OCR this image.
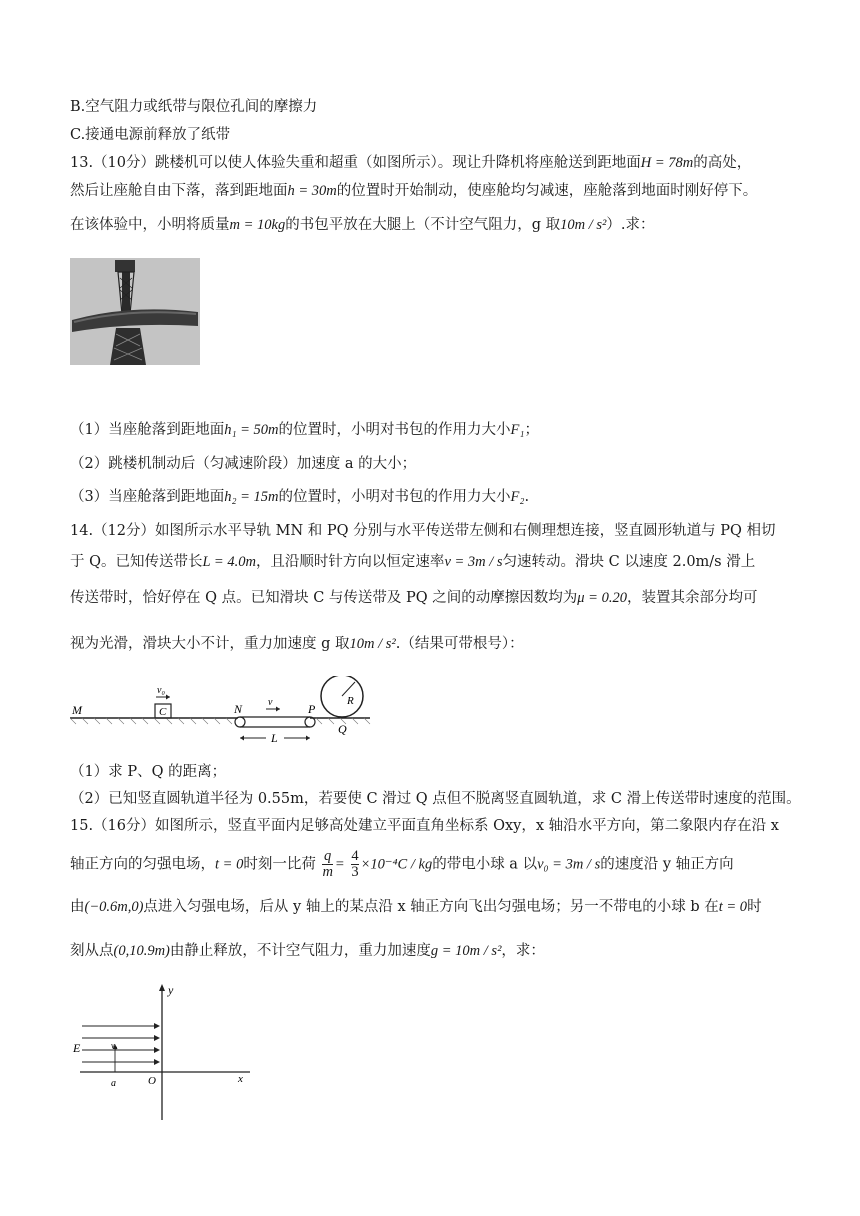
B.空气阻力或纸带与限位孔间的摩擦力
C.接通电源前释放了纸带
13.（10分）跳楼机可以使人体验失重和超重（如图所示）。现让升降机将座舱送到距地面H = 78m的高处，
然后让座舱自由下落，落到距地面h = 30m的位置时开始制动，使座舱均匀减速，座舱落到地面时刚好停下。
在该体验中，小明将质量m = 10kg的书包平放在大腿上（不计空气阻力，g 取10m / s²）.求：
（1）当座舱落到距地面h₁ = 50m的位置时，小明对书包的作用力大小F₁；
（2）跳楼机制动后（匀减速阶段）加速度 a 的大小；
（3）当座舱落到距地面h₂ = 15m的位置时，小明对书包的作用力大小F₂.
14.（12分）如图所示水平导轨 MN 和 PQ 分别与水平传送带左侧和右侧理想连接，竖直圆形轨道与 PQ 相切
于 Q。已知传送带长L = 4.0m，且沿顺时针方向以恒定速率v = 3m / s匀速转动。滑块 C 以速度 2.0m/s 滑上
传送带时，恰好停在 Q 点。已知滑块 C 与传送带及 PQ 之间的动摩擦因数均为μ = 0.20，装置其余部分均可
视为光滑，滑块大小不计，重力加速度 g 取10m / s².（结果可带根号）：
C
v₀
M	N	P
v
L
R
Q
（1）求 P、Q 的距离；
（2）已知竖直圆轨道半径为 0.55m，若要使 C 滑过 Q 点但不脱离竖直圆轨道，求 C 滑上传送带时速度的范围。
15.（16分）如图所示，竖直平面内足够高处建立平面直角坐标系 Oxy，x 轴沿水平方向，第二象限内存在沿 x
轴正方向的匀强电场，t = 0时刻一比荷 $\frac{q}{m} = \frac{4}{3} \times 10^{-4}C$ / kg的带电小球 a 以v₀ = 3m / s的速度沿 y 轴正方向
由(−0.6m,0)点进入匀强电场，后从 y 轴上的某点沿 x 轴正方向飞出匀强电场；另一不带电的小球 b 在t = 0时
刻从点(0,10.9m)由静止释放，不计空气阻力，重力加速度g = 10m / s²，求：
y
x
O
E	v₀
a
